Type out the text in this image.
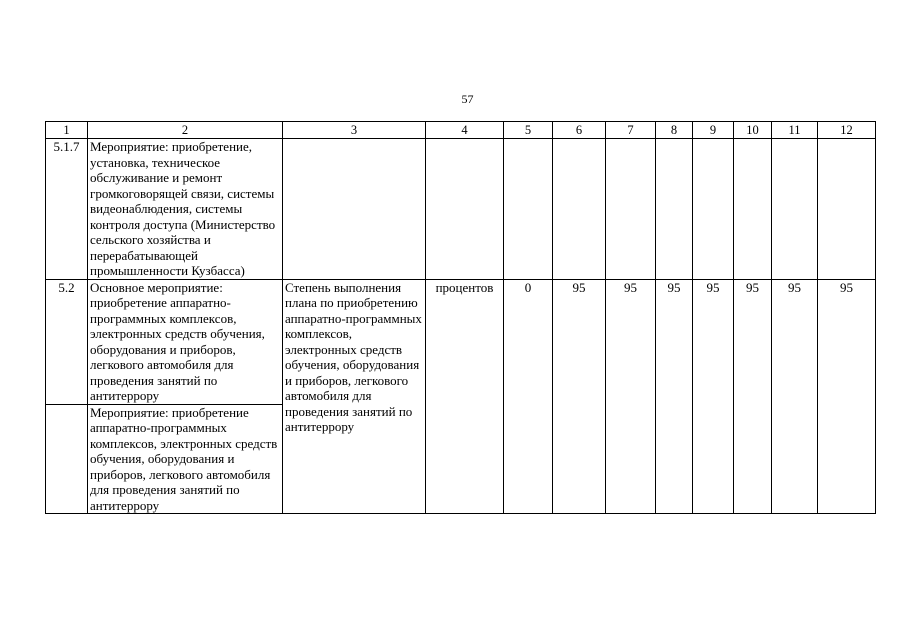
57
1	2	3	4	5	6	7	8	9	10	11	12
5.1.7	Мероприятие: приобретение, установка, техническое обслуживание и ремонт громкоговорящей связи, системы видеонаблюдения, системы контроля доступа (Министерство сельского хозяйства и перерабатывающей промышленности Кузбасса)										

5.2	Основное мероприятие: приобретение аппаратно-программных комплексов, электронных средств обучения, оборудования и приборов, легкового автомобиля для проведения занятий по антитеррору	Степень выполнения плана по приобретению аппаратно-программных комплексов, электронных средств обучения, оборудования и приборов, легкового автомобиля для проведения занятий по антитеррору	процентов	0	95	95	95	95	95	95	95

	Мероприятие: приобретение аппаратно-программных комплексов, электронных средств обучения, оборудования и приборов, легкового автомобиля для проведения занятий по антитеррору										
